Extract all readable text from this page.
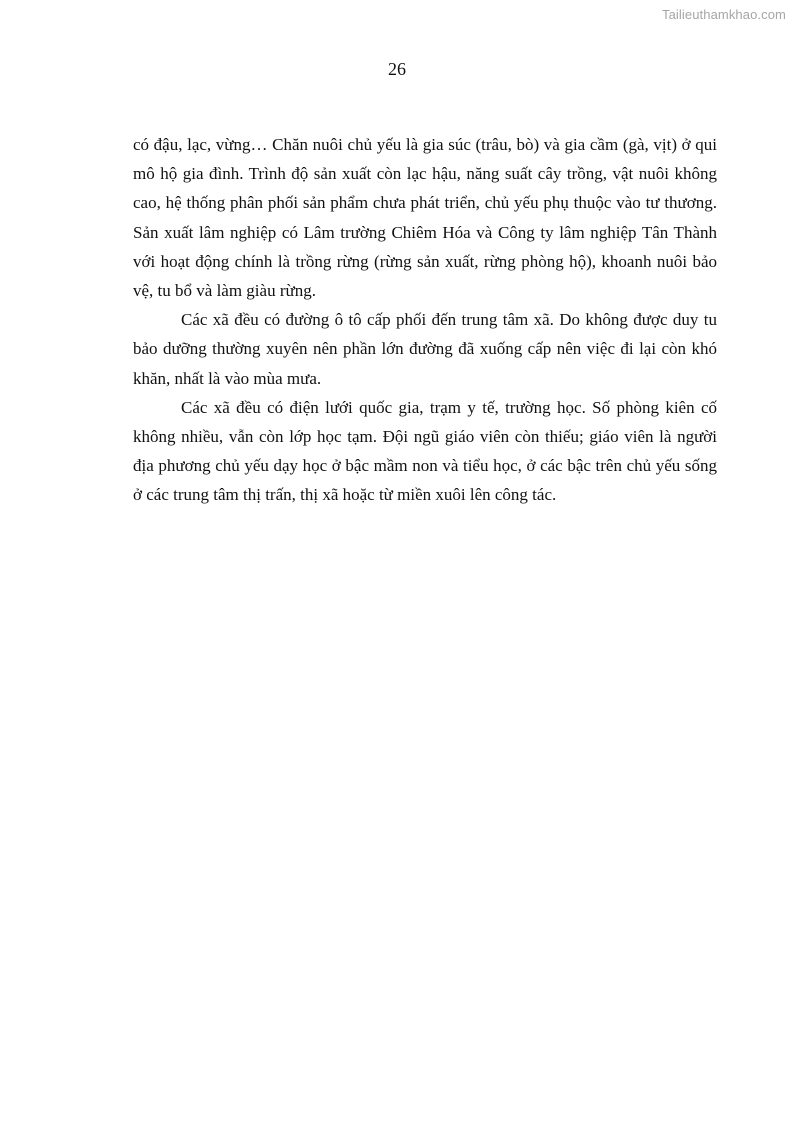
Tailieuthamkhao.com
26

có đậu, lạc, vừng… Chăn nuôi chủ yếu là gia súc (trâu, bò) và gia cầm (gà, vịt) ở qui mô hộ gia đình. Trình độ sản xuất còn lạc hậu, năng suất cây trồng, vật nuôi không cao, hệ thống phân phối sản phẩm chưa phát triển, chủ yếu phụ thuộc vào tư thương. Sản xuất lâm nghiệp có Lâm trường Chiêm Hóa và Công ty lâm nghiệp Tân Thành với hoạt động chính là trồng rừng (rừng sản xuất, rừng phòng hộ), khoanh nuôi bảo vệ, tu bổ và làm giàu rừng.

Các xã đều có đường ô tô cấp phối đến trung tâm xã. Do không được duy tu bảo dưỡng thường xuyên nên phần lớn đường đã xuống cấp nên việc đi lại còn khó khăn, nhất là vào mùa mưa.

Các xã đều có điện lưới quốc gia, trạm y tế, trường học. Số phòng kiên cố không nhiều, vẫn còn lớp học tạm. Đội ngũ giáo viên còn thiếu; giáo viên là người địa phương chủ yếu dạy học ở bậc mầm non và tiểu học, ở các bậc trên chủ yếu sống ở các trung tâm thị trấn, thị xã hoặc từ miền xuôi lên công tác.
